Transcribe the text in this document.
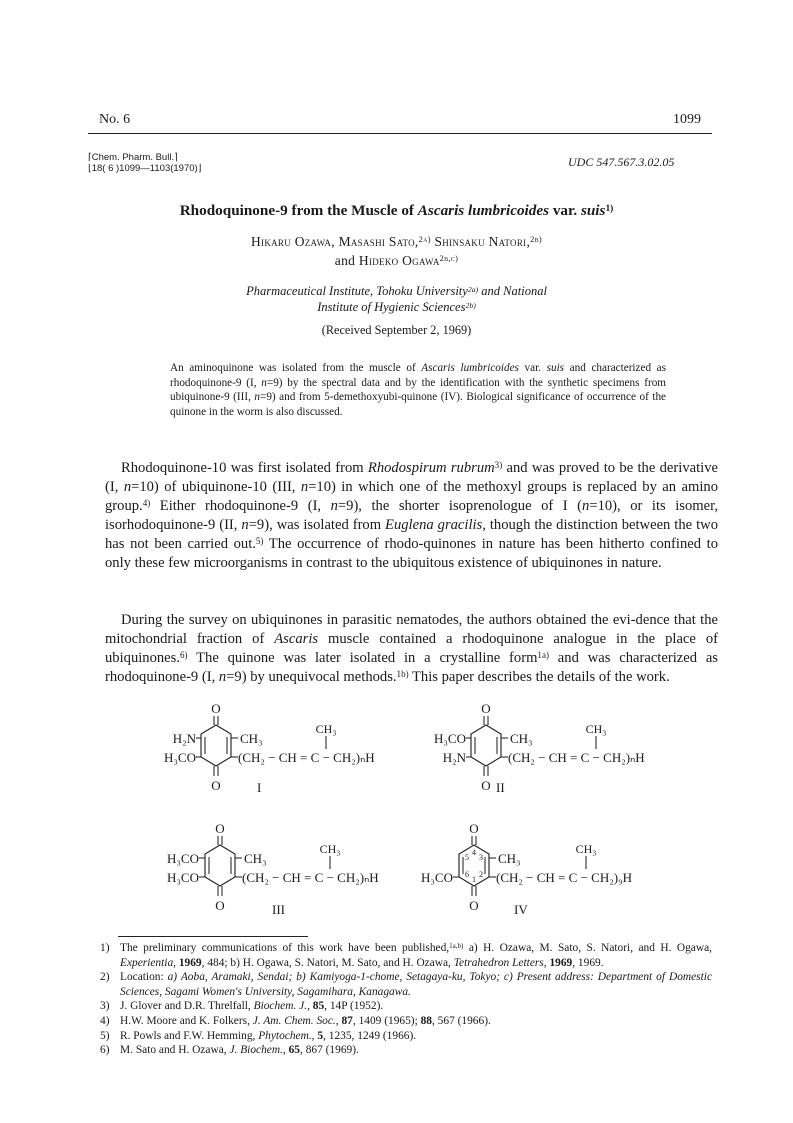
No. 6	1099
⌈Chem. Pharm. Bull.⌉
⌊18( 6 )1099—1103(1970)⌋	UDC 547.567.3.02.05
Rhodoquinone-9 from the Muscle of Ascaris lumbricoides var. suis$^{1)}$
Hikaru Ozawa, Masashi Sato,$^{2a)}$ Shinsaku Natori,$^{2b)}$
and Hideko Ogawa$^{2b,c)}$
Pharmaceutical Institute, Tohoku University$^{2a)}$ and National
Institute of Hygienic Sciences$^{2b)}$
(Received September 2, 1969)
An aminoquinone was isolated from the muscle of Ascaris lumbricoides var. suis and characterized as rhodoquinone-9 (I, n=9) by the spectral data and by the identification with the synthetic specimens from ubiquinone-9 (III, n=9) and from 5-demethoxyubi-quinone (IV). Biological significance of occurrence of the quinone in the worm is also discussed.
Rhodoquinone-10 was first isolated from Rhodospirum rubrum$^{3)}$ and was proved to be the derivative (I, n=10) of ubiquinone-10 (III, n=10) in which one of the methoxyl groups is replaced by an amino group.$^{4)}$ Either rhodoquinone-9 (I, n=9), the shorter isoprenologue of I (n=10), or its isomer, isorhodoquinone-9 (II, n=9), was isolated from Euglena gracilis, though the distinction between the two has not been carried out.$^{5)}$ The occurrence of rhodo-quinones in nature has been hitherto confined to only these few microorganisms in contrast to the ubiquitous existence of ubiquinones in nature.
During the survey on ubiquinones in parasitic nematodes, the authors obtained the evi-dence that the mitochondrial fraction of Ascaris muscle contained a rhodoquinone analogue in the place of ubiquinones.$^{6)}$ The quinone was later isolated in a crystalline form$^{1a)}$ and was characterized as rhodoquinone-9 (I, n=9) by unequivocal methods.$^{1b)}$ This paper describes the details of the work.
O
O
H₂N
H₃CO
CH₃
(CH₂ − CH = C − CH₂)ₙH
CH₃
I
O
O
H₃CO
H₂N
CH₃
(CH₂ − CH = C − CH₂)ₙH
CH₃
II
O
O
H₃CO
H₃CO
CH₃
(CH₂ − CH = C − CH₂)ₙH
CH₃
III
O
O
5
4
3
6
1
2
H₃CO
CH₃
(CH₂ − CH = C − CH₂)₉H
CH₃
IV
1) The preliminary communications of this work have been published,$^{1a,b)}$ a) H. Ozawa, M. Sato, S. Natori, and H. Ogawa, Experientia, 1969, 484; b) H. Ogawa, S. Natori, M. Sato, and H. Ozawa, Tetrahedron Letters, 1969, 1969.
2) Location: a) Aoba, Aramaki, Sendai; b) Kamiyoga-1-chome, Setagaya-ku, Tokyo; c) Present address: Department of Domestic Sciences, Sagami Women's University, Sagamihara, Kanagawa.
3) J. Glover and D.R. Threlfall, Biochem. J., 85, 14P (1952).
4) H.W. Moore and K. Folkers, J. Am. Chem. Soc., 87, 1409 (1965); 88, 567 (1966).
5) R. Powls and F.W. Hemming, Phytochem., 5, 1235, 1249 (1966).
6) M. Sato and H. Ozawa, J. Biochem., 65, 867 (1969).
